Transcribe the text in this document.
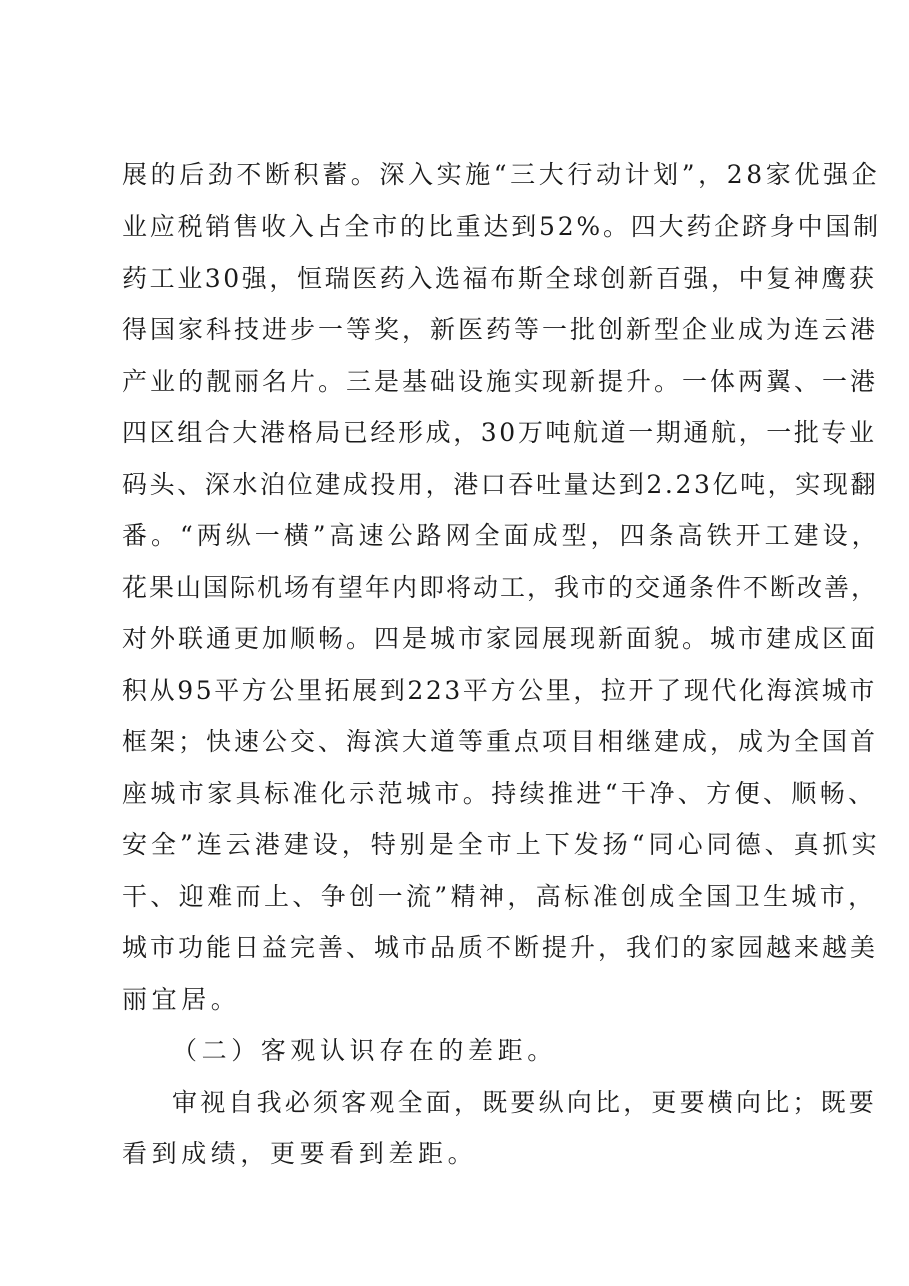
展的后劲不断积蓄。深入实施“三大行动计划”，28家优强企
业应税销售收入占全市的比重达到52%。四大药企跻身中国制
药工业30强，恒瑞医药入选福布斯全球创新百强，中复神鹰获
得国家科技进步一等奖，新医药等一批创新型企业成为连云港
产业的靓丽名片。三是基础设施实现新提升。一体两翼、一港
四区组合大港格局已经形成，30万吨航道一期通航，一批专业
码头、深水泊位建成投用，港口吞吐量达到2.23亿吨，实现翻
番。“两纵一横”高速公路网全面成型，四条高铁开工建设，
花果山国际机场有望年内即将动工，我市的交通条件不断改善，
对外联通更加顺畅。四是城市家园展现新面貌。城市建成区面
积从95平方公里拓展到223平方公里，拉开了现代化海滨城市
框架；快速公交、海滨大道等重点项目相继建成，成为全国首
座城市家具标准化示范城市。持续推进“干净、方便、顺畅、
安全”连云港建设，特别是全市上下发扬“同心同德、真抓实
干、迎难而上、争创一流”精神，高标准创成全国卫生城市，
城市功能日益完善、城市品质不断提升，我们的家园越来越美
丽宜居。
（二）客观认识存在的差距。
审视自我必须客观全面，既要纵向比，更要横向比；既要
看到成绩，更要看到差距。
